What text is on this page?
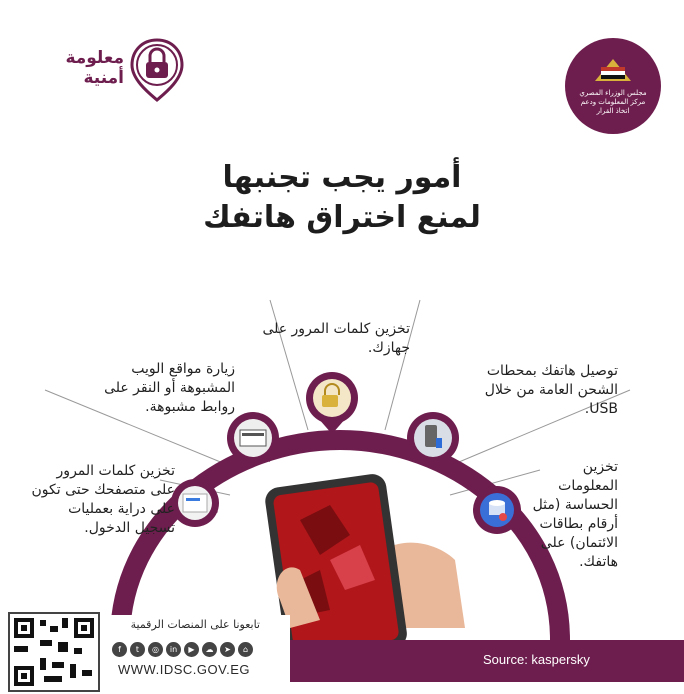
مجلس الوزراء المصري
مركز المعلومات ودعم اتخاذ القرار
معلومة
أمنية
أمور يجب تجنبها
لمنع اختراق هاتفك
تخزين كلمات المرور على جهازك.
زيارة مواقع الويب المشبوهة أو النقر على روابط مشبوهة.
توصيل هاتفك بمحطات الشحن العامة من خلال USB.
تخزين كلمات المرور على متصفحك حتى تكون على دراية بعمليات تسجيل الدخول.
تخزين المعلومات الحساسة (مثل أرقام بطاقات الائتمان) على هاتفك.
تابعونا على المنصات الرقمية
f	t	◎	in	▶	☁	➤	⌂
WWW.IDSC.GOV.EG
Source: kaspersky
